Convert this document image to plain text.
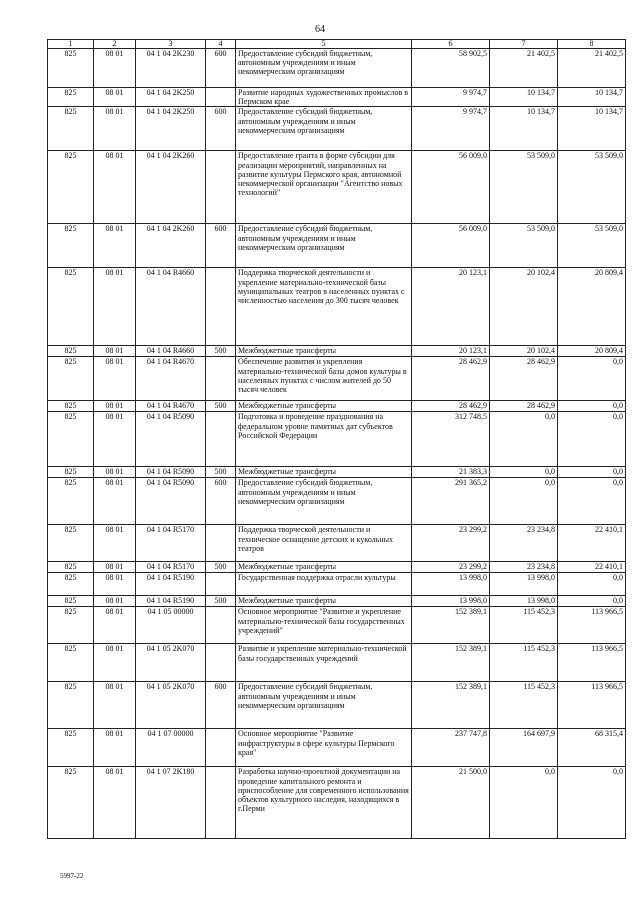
64
1	2	3	4	5	6	7	8
825	08 01	04 1 04 2K230	600	Предоставление субсидий бюджетным, автономным учреждениям и иным некоммерческим организациям	58 902,5	21 402,5	21 402,5
825	08 01	04 1 04 2K250		Развитие народных художественных промыслов в Пермском крае	9 974,7	10 134,7	10 134,7
825	08 01	04 1 04 2K250	600	Предоставление субсидий бюджетным, автономным учреждениям и иным некоммерческим организациям	9 974,7	10 134,7	10 134,7
825	08 01	04 1 04 2K260		Предоставление гранта в форме субсидии для реализации мероприятий, направленных на развитие культуры Пермского края, автономной некоммерческой организации "Агентство новых технологий"	56 009,0	53 509,0	53 509,0
825	08 01	04 1 04 2K260	600	Предоставление субсидий бюджетным, автономным учреждениям и иным некоммерческим организациям	56 009,0	53 509,0	53 509,0
825	08 01	04 1 04 R4660		Поддержка творческой деятельности и укрепление материально-технической базы муниципальных театров в населенных пунктах с численностью населения до 300 тысяч человек	20 123,1	20 102,4	20 809,4
825	08 01	04 1 04 R4660	500	Межбюджетные трансферты	20 123,1	20 102,4	20 809,4
825	08 01	04 1 04 R4670		Обеспечение развития и укрепления материально-технической базы домов культуры в населенных пунктах с числом жителей до 50 тысяч человек	28 462,9	28 462,9	0,0
825	08 01	04 1 04 R4670	500	Межбюджетные трансферты	28 462,9	28 462,9	0,0
825	08 01	04 1 04 R5090		Подготовка и проведение празднования на федеральном уровне памятных дат субъектов Российской Федерации	312 748,5	0,0	0,0
825	08 01	04 1 04 R5090	500	Межбюджетные трансферты	21 383,3	0,0	0,0
825	08 01	04 1 04 R5090	600	Предоставление субсидий бюджетным, автономным учреждениям и иным некоммерческим организациям	291 365,2	0,0	0,0
825	08 01	04 1 04 R5170		Поддержка творческой деятельности и техническое оснащение детских и кукольных театров	23 299,2	23 234,8	22 410,1
825	08 01	04 1 04 R5170	500	Межбюджетные трансферты	23 299,2	23 234,8	22 410,1
825	08 01	04 1 04 R5190		Государственная поддержка отрасли культуры	13 998,0	13 998,0	0,0
825	08 01	04 1 04 R5190	500	Межбюджетные трансферты	13 998,0	13 998,0	0,0
825	08 01	04 1 05 00000		Основное мероприятие "Развитие и укрепление материально-технической базы государственных учреждений"	152 389,1	115 452,3	113 966,5
825	08 01	04 1 05 2K070		Развитие и укрепление материально-технической базы государственных учреждений	152 389,1	115 452,3	113 966,5
825	08 01	04 1 05 2K070	600	Предоставление субсидий бюджетным, автономным учреждениям и иным некоммерческим организациям	152 389,1	115 452,3	113 966,5
825	08 01	04 1 07 00000		Основное мероприятие "Развитие инфраструктуры в сфере культуры Пермского края"	237 747,8	164 697,9	68 315,4
825	08 01	04 1 07 2K180		Разработка научно-проектной документации на проведение капитального ремонта и приспособление для современного использования объектов культурного наследия, находящихся в г.Перми	21 500,0	0,0	0,0
5997-22
